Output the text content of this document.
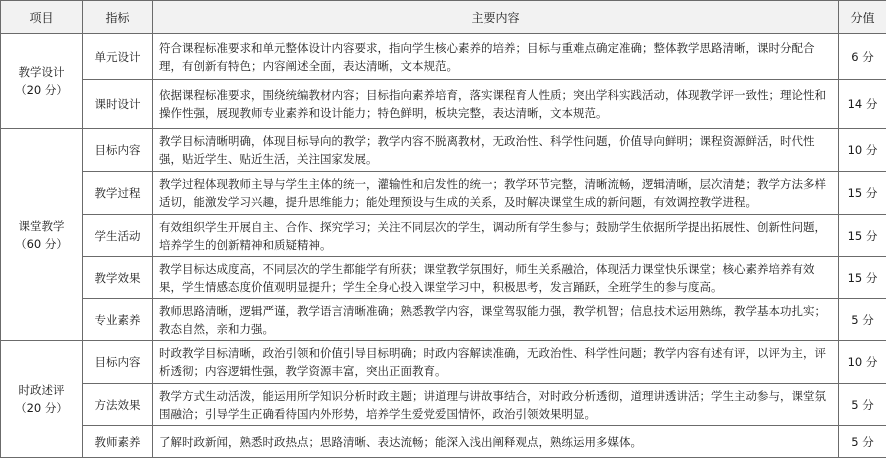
项目	指标	主要内容	分值

教学设计
（20 分）	单元设计	符合课程标准要求和单元整体设计内容要求，指向学生核心素养的培养；目标与重难点确定准确；整体教学思路清晰，课时分配合理，有创新有特色；内容阐述全面，表达清晰，文本规范。	6 分
	课时设计	依据课程标准要求，围绕统编教材内容；目标指向素养培育，落实课程育人性质；突出学科实践活动，体现教学评一致性；理论性和操作性强，展现教师专业素养和设计能力；特色鲜明，板块完整，表达清晰，文本规范。	14 分

课堂教学
（60 分）	目标内容	教学目标清晰明确，体现目标导向的教学；教学内容不脱离教材，无政治性、科学性问题，价值导向鲜明；课程资源鲜活，时代性强，贴近学生、贴近生活，关注国家发展。	10 分
	教学过程	教学过程体现教师主导与学生主体的统一，灌输性和启发性的统一；教学环节完整，清晰流畅，逻辑清晰，层次清楚；教学方法多样适切，能激发学习兴趣，提升思维能力；能处理预设与生成的关系，及时解决课堂生成的新问题，有效调控教学进程。	15 分
	学生活动	有效组织学生开展自主、合作、探究学习；关注不同层次的学生，调动所有学生参与；鼓励学生依据所学提出拓展性、创新性问题，培养学生的创新精神和质疑精神。	15 分
	教学效果	教学目标达成度高，不同层次的学生都能学有所获；课堂教学氛围好，师生关系融洽，体现活力课堂快乐课堂；核心素养培养有效果，学生情感态度价值观明显提升；学生全身心投入课堂学习中，积极思考，发言踊跃，全班学生的参与度高。	15 分
	专业素养	教师思路清晰，逻辑严谨，教学语言清晰准确；熟悉教学内容，课堂驾驭能力强，教学机智；信息技术运用熟练，教学基本功扎实；教态自然，亲和力强。	5 分

时政述评
（20 分）	目标内容	时政教学目标清晰，政治引领和价值引导目标明确；时政内容解读准确，无政治性、科学性问题；教学内容有述有评，以评为主，评析透彻；内容逻辑性强，教学资源丰富，突出正面教育。	10 分
	方法效果	教学方式生动活泼，能运用所学知识分析时政主题；讲道理与讲故事结合，对时政分析透彻，道理讲透讲活；学生主动参与，课堂氛围融洽；引导学生正确看待国内外形势，培养学生爱党爱国情怀，政治引领效果明显。	5 分
	教师素养	了解时政新闻，熟悉时政热点；思路清晰、表达流畅；能深入浅出阐释观点，熟练运用多媒体。	5 分
